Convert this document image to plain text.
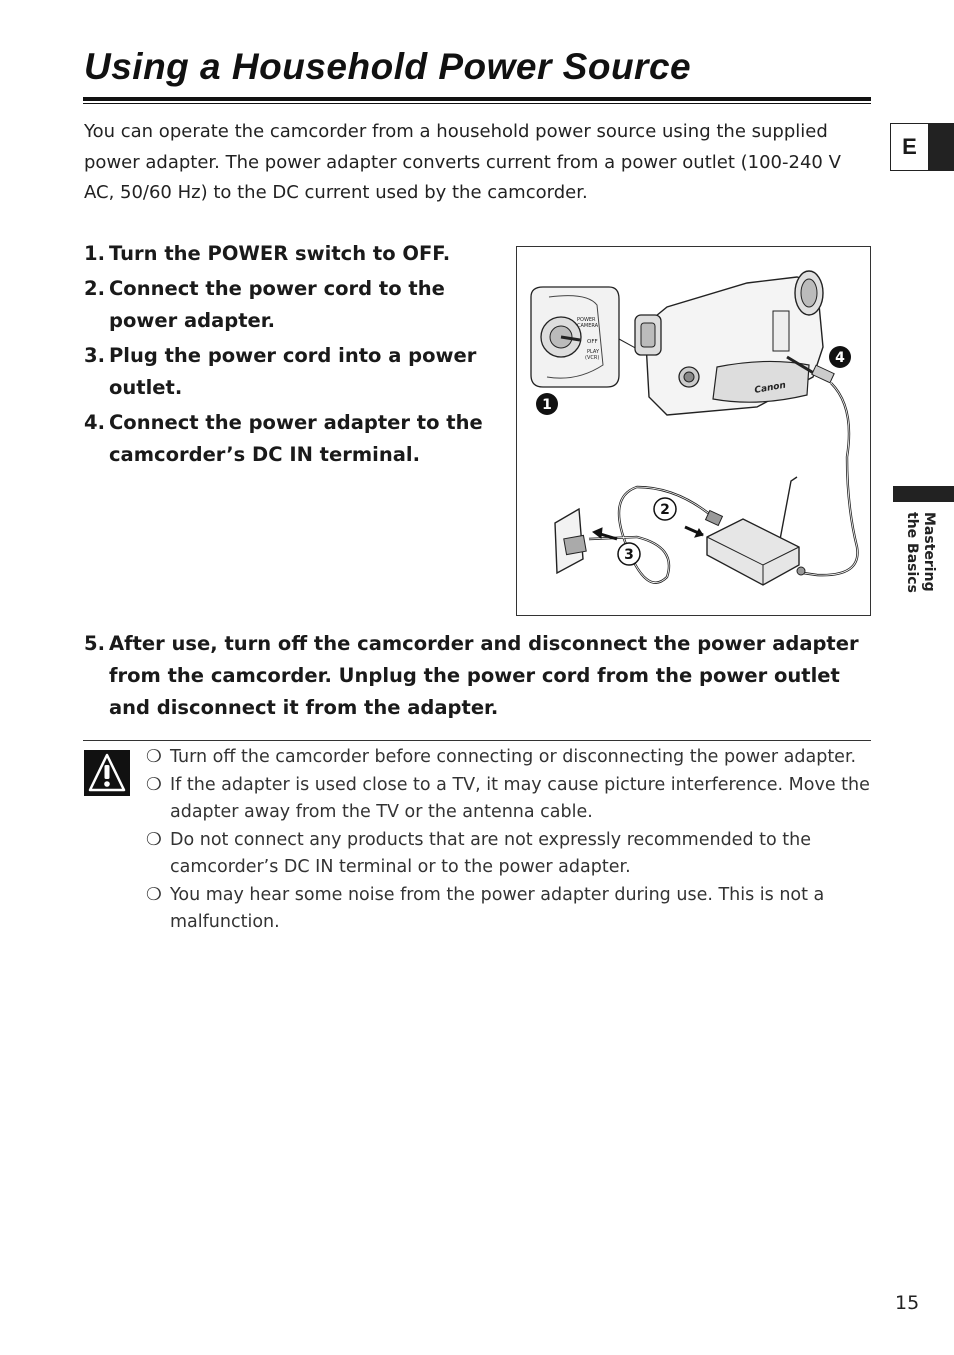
Using a Household Power Source

You can operate the camcorder from a household power source using the supplied power adapter. The power adapter converts current from a power outlet (100-240 V AC, 50/60 Hz) to the DC current used by the camcorder.

E
Mastering
the Basics
1. Turn the POWER switch to OFF.
2. Connect the power cord to the power adapter.
3. Plug the power cord into a power outlet.
4. Connect the power adapter to the camcorder’s DC IN terminal.
POWER
CAMERA
OFF
PLAY
(VCR)
Canon
1
2
3
4

5. After use, turn off the camcorder and disconnect the power adapter from the camcorder. Unplug the power cord from the power outlet and disconnect it from the adapter.

❍ Turn off the camcorder before connecting or disconnecting the power adapter.
❍ If the adapter is used close to a TV, it may cause picture interference. Move the adapter away from the TV or the antenna cable.
❍ Do not connect any products that are not expressly recommended to the camcorder’s DC IN terminal or to the power adapter.
❍ You may hear some noise from the power adapter during use. This is not a malfunction.
15
